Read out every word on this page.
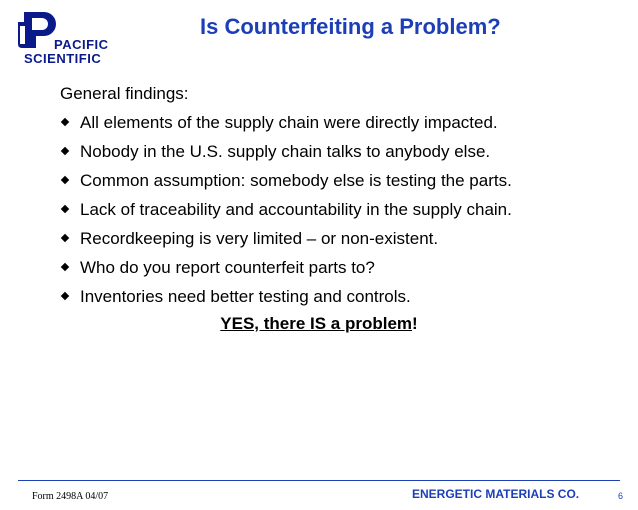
PACIFIC
SCIENTIFIC
Is Counterfeiting a Problem?
General findings:
All elements of the supply chain were directly impacted.
Nobody in the U.S. supply chain talks to anybody else.
Common assumption: somebody else is testing the parts.
Lack of traceability and accountability in the supply chain.
Recordkeeping is very limited – or non-existent.
Who do you report counterfeit parts to?
Inventories need better testing and controls.
YES, there IS a problem!
Form 2498A 04/07	ENERGETIC MATERIALS CO.	6
